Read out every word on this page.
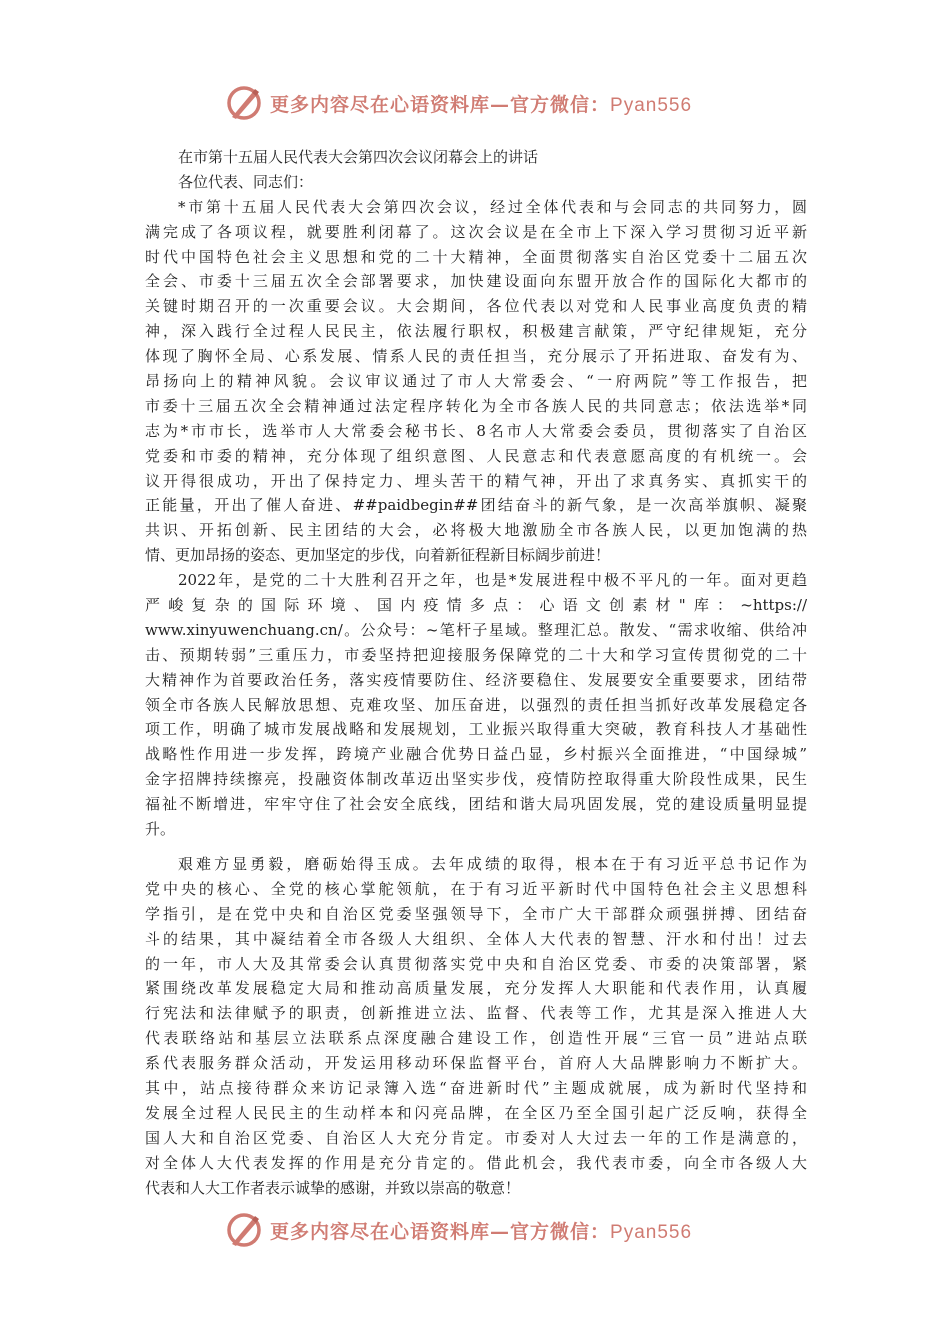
更多内容尽在心语资料库—官方微信：Pyan556

在市第十五届人民代表大会第四次会议闭幕会上的讲话

各位代表、同志们：

*市第十五届人民代表大会第四次会议，经过全体代表和与会同志的共同努力，圆

满完成了各项议程，就要胜利闭幕了。这次会议是在全市上下深入学习贯彻习近平新

时代中国特色社会主义思想和党的二十大精神，全面贯彻落实自治区党委十二届五次

全会、市委十三届五次全会部署要求，加快建设面向东盟开放合作的国际化大都市的

关键时期召开的一次重要会议。大会期间，各位代表以对党和人民事业高度负责的精

神，深入践行全过程人民民主，依法履行职权，积极建言献策，严守纪律规矩，充分

体现了胸怀全局、心系发展、情系人民的责任担当，充分展示了开拓进取、奋发有为、

昂扬向上的精神风貌。会议审议通过了市人大常委会、“一府两院”等工作报告，把

市委十三届五次全会精神通过法定程序转化为全市各族人民的共同意志；依法选举*同

志为*市市长，选举市人大常委会秘书长、8名市人大常委会委员，贯彻落实了自治区

党委和市委的精神，充分体现了组织意图、人民意志和代表意愿高度的有机统一。会

议开得很成功，开出了保持定力、埋头苦干的精气神，开出了求真务实、真抓实干的

正能量，开出了催人奋进、##paidbegin##团结奋斗的新气象，是一次高举旗帜、凝聚

共识、开拓创新、民主团结的大会，必将极大地激励全市各族人民，以更加饱满的热

情、更加昂扬的姿态、更加坚定的步伐，向着新征程新目标阔步前进！

2022年，是党的二十大胜利召开之年，也是*发展进程中极不平凡的一年。面对更趋

严峻复杂的国际环境、国内疫情多点：心语文创素材"库：~https://

www.xinyuwenchuang.cn/。公众号：~笔杆子星域。整理汇总。散发、“需求收缩、供给冲

击、预期转弱”三重压力，市委坚持把迎接服务保障党的二十大和学习宣传贯彻党的二十

大精神作为首要政治任务，落实疫情要防住、经济要稳住、发展要安全重要要求，团结带

领全市各族人民解放思想、克难攻坚、加压奋进，以强烈的责任担当抓好改革发展稳定各

项工作，明确了城市发展战略和发展规划，工业振兴取得重大突破，教育科技人才基础性

战略性作用进一步发挥，跨境产业融合优势日益凸显，乡村振兴全面推进，“中国绿城”

金字招牌持续擦亮，投融资体制改革迈出坚实步伐，疫情防控取得重大阶段性成果，民生

福祉不断增进，牢牢守住了社会安全底线，团结和谐大局巩固发展，党的建设质量明显提

升。

艰难方显勇毅，磨砺始得玉成。去年成绩的取得，根本在于有习近平总书记作为

党中央的核心、全党的核心掌舵领航，在于有习近平新时代中国特色社会主义思想科

学指引，是在党中央和自治区党委坚强领导下，全市广大干部群众顽强拼搏、团结奋

斗的结果，其中凝结着全市各级人大组织、全体人大代表的智慧、汗水和付出！过去

的一年，市人大及其常委会认真贯彻落实党中央和自治区党委、市委的决策部署，紧

紧围绕改革发展稳定大局和推动高质量发展，充分发挥人大职能和代表作用，认真履

行宪法和法律赋予的职责，创新推进立法、监督、代表等工作，尤其是深入推进人大

代表联络站和基层立法联系点深度融合建设工作，创造性开展“三官一员”进站点联

系代表服务群众活动，开发运用移动环保监督平台，首府人大品牌影响力不断扩大。

其中，站点接待群众来访记录簿入选“奋进新时代”主题成就展，成为新时代坚持和

发展全过程人民民主的生动样本和闪亮品牌，在全区乃至全国引起广泛反响，获得全

国人大和自治区党委、自治区人大充分肯定。市委对人大过去一年的工作是满意的，

对全体人大代表发挥的作用是充分肯定的。借此机会，我代表市委，向全市各级人大

代表和人大工作者表示诚挚的感谢，并致以崇高的敬意！

更多内容尽在心语资料库—官方微信：Pyan556
